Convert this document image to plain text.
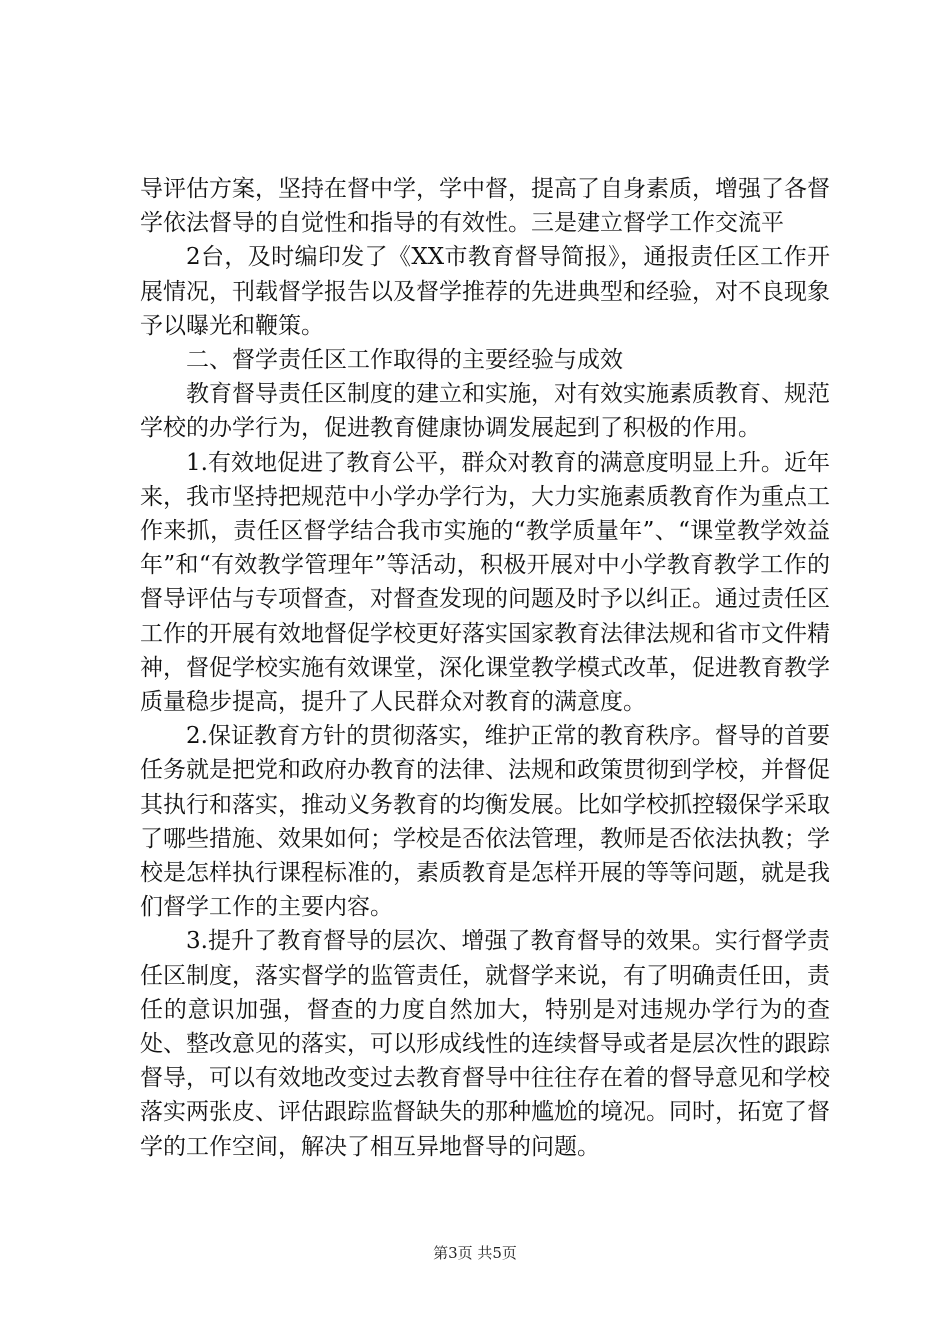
导评估方案，坚持在督中学，学中督，提高了自身素质，增强了各督学依法督导的自觉性和指导的有效性。三是建立督学工作交流平

2台，及时编印发了《XX市教育督导简报》，通报责任区工作开展情况，刊载督学报告以及督学推荐的先进典型和经验，对不良现象予以曝光和鞭策。

二、督学责任区工作取得的主要经验与成效

教育督导责任区制度的建立和实施，对有效实施素质教育、规范学校的办学行为，促进教育健康协调发展起到了积极的作用。

1.有效地促进了教育公平，群众对教育的满意度明显上升。近年来，我市坚持把规范中小学办学行为，大力实施素质教育作为重点工作来抓，责任区督学结合我市实施的“教学质量年”、“课堂教学效益年”和“有效教学管理年”等活动，积极开展对中小学教育教学工作的督导评估与专项督查，对督查发现的问题及时予以纠正。通过责任区工作的开展有效地督促学校更好落实国家教育法律法规和省市文件精神，督促学校实施有效课堂，深化课堂教学模式改革，促进教育教学质量稳步提高，提升了人民群众对教育的满意度。

2.保证教育方针的贯彻落实，维护正常的教育秩序。督导的首要任务就是把党和政府办教育的法律、法规和政策贯彻到学校，并督促其执行和落实，推动义务教育的均衡发展。比如学校抓控辍保学采取了哪些措施、效果如何；学校是否依法管理，教师是否依法执教；学校是怎样执行课程标准的，素质教育是怎样开展的等等问题，就是我们督学工作的主要内容。

3.提升了教育督导的层次、增强了教育督导的效果。实行督学责任区制度，落实督学的监管责任，就督学来说，有了明确责任田，责任的意识加强，督查的力度自然加大，特别是对违规办学行为的查处、整改意见的落实，可以形成线性的连续督导或者是层次性的跟踪督导，可以有效地改变过去教育督导中往往存在着的督导意见和学校落实两张皮、评估跟踪监督缺失的那种尴尬的境况。同时，拓宽了督学的工作空间，解决了相互异地督导的问题。

第3页 共5页
